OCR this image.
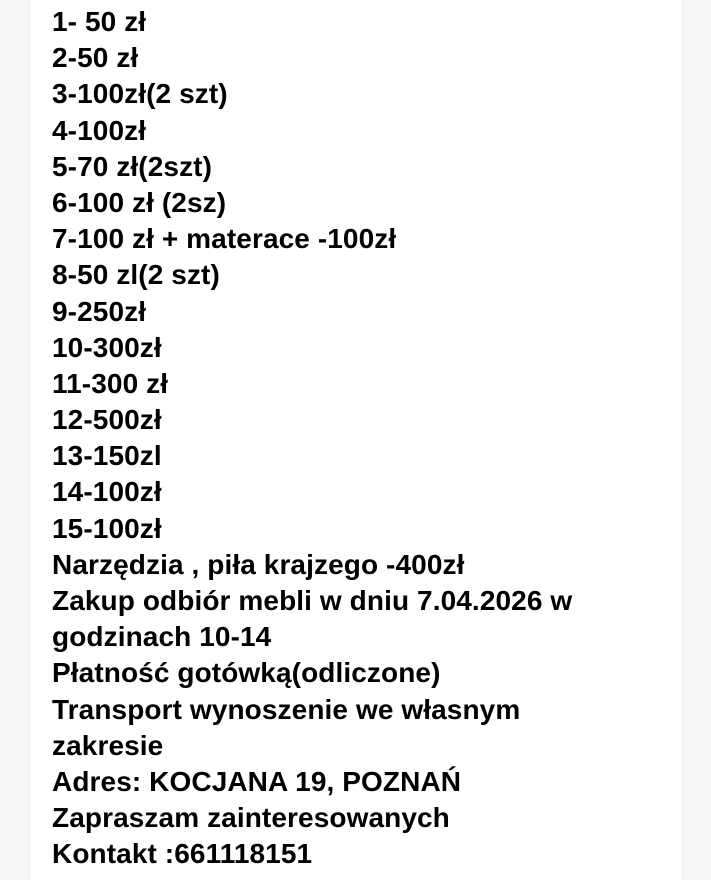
1- 50 zł
2-50 zł
3-100zł(2 szt)
4-100zł
5-70 zł(2szt)
6-100 zł (2sz)
7-100 zł + materace -100zł
8-50 zl(2 szt)
9-250zł
10-300zł
11-300 zł
12-500zł
13-150zl
14-100zł
15-100zł
Narzędzia , piła krajzego -400zł
Zakup odbiór mebli w dniu 7.04.2026 w
godzinach 10-14
Płatność gotówką(odliczone)
Transport wynoszenie we własnym
zakresie
Adres: KOCJANA 19, POZNAŃ
Zapraszam zainteresowanych
Kontakt :661118151
